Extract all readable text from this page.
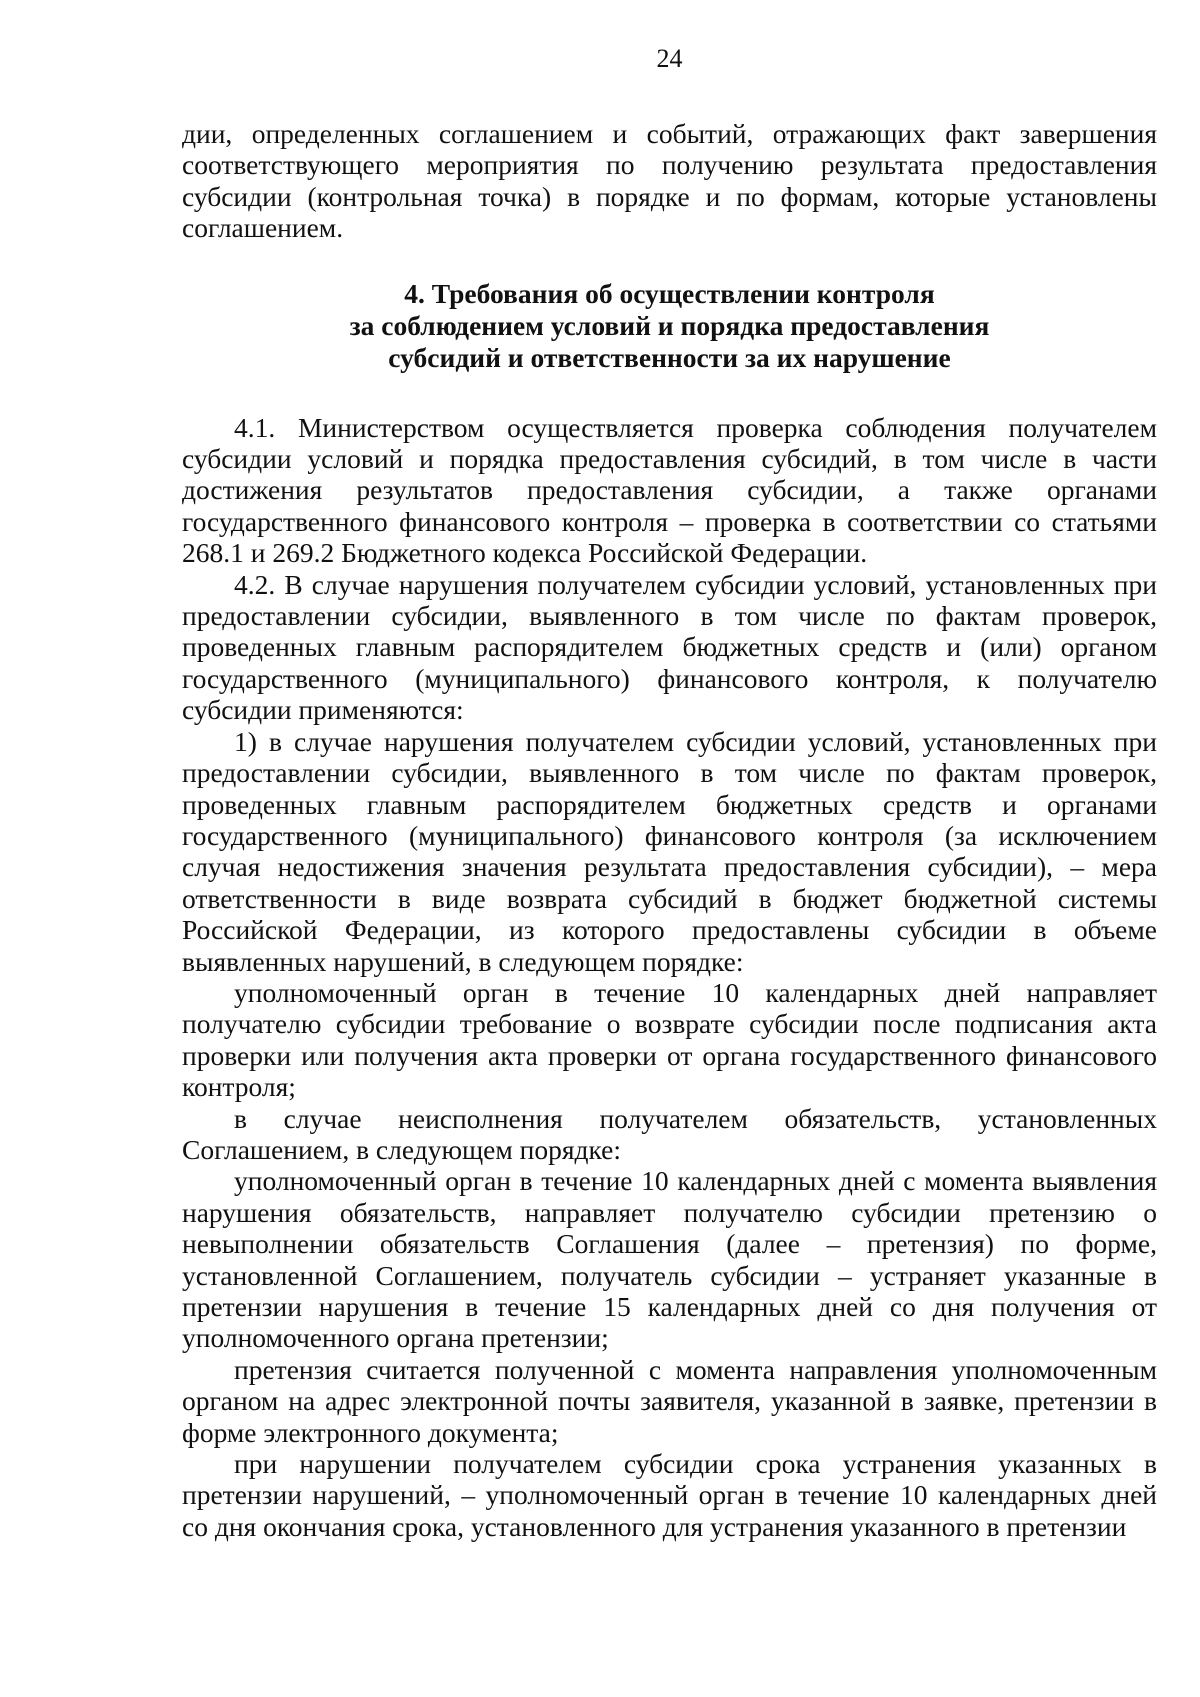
24

дии, определенных соглашением и событий, отражающих факт завершения соответствующего мероприятия по получению результата предоставления субсидии (контрольная точка) в порядке и по формам, которые установлены соглашением.

4. Требования об осуществлении контроля
за соблюдением условий и порядка предоставления
субсидий и ответственности за их нарушение

4.1. Министерством осуществляется проверка соблюдения получателем субсидии условий и порядка предоставления субсидий, в том числе в части достижения результатов предоставления субсидии, а также органами государственного финансового контроля – проверка в соответствии со статьями 268.1 и 269.2 Бюджетного кодекса Российской Федерации.

4.2. В случае нарушения получателем субсидии условий, установленных при предоставлении субсидии, выявленного в том числе по фактам проверок, проведенных главным распорядителем бюджетных средств и (или) органом государственного (муниципального) финансового контроля, к получателю субсидии применяются:

1) в случае нарушения получателем субсидии условий, установленных при предоставлении субсидии, выявленного в том числе по фактам проверок, проведенных главным распорядителем бюджетных средств и органами государственного (муниципального) финансового контроля (за исключением случая недостижения значения результата предоставления субсидии), – мера ответственности в виде возврата субсидий в бюджет бюджетной системы Российской Федерации, из которого предоставлены субсидии в объеме выявленных нарушений, в следующем порядке:

уполномоченный орган в течение 10 календарных дней направляет получателю субсидии требование о возврате субсидии после подписания акта проверки или получения акта проверки от органа государственного финансового контроля;

в случае неисполнения получателем обязательств, установленных Соглашением, в следующем порядке:

уполномоченный орган в течение 10 календарных дней с момента выявления нарушения обязательств, направляет получателю субсидии претензию о невыполнении обязательств Соглашения (далее – претензия) по форме, установленной Соглашением, получатель субсидии – устраняет указанные в претензии нарушения в течение 15 календарных дней со дня получения от уполномоченного органа претензии;

претензия считается полученной с момента направления уполномоченным органом на адрес электронной почты заявителя, указанной в заявке, претензии в форме электронного документа;

при нарушении получателем субсидии срока устранения указанных в претензии нарушений, – уполномоченный орган в течение 10 календарных дней со дня окончания срока, установленного для устранения указанного в претензии
